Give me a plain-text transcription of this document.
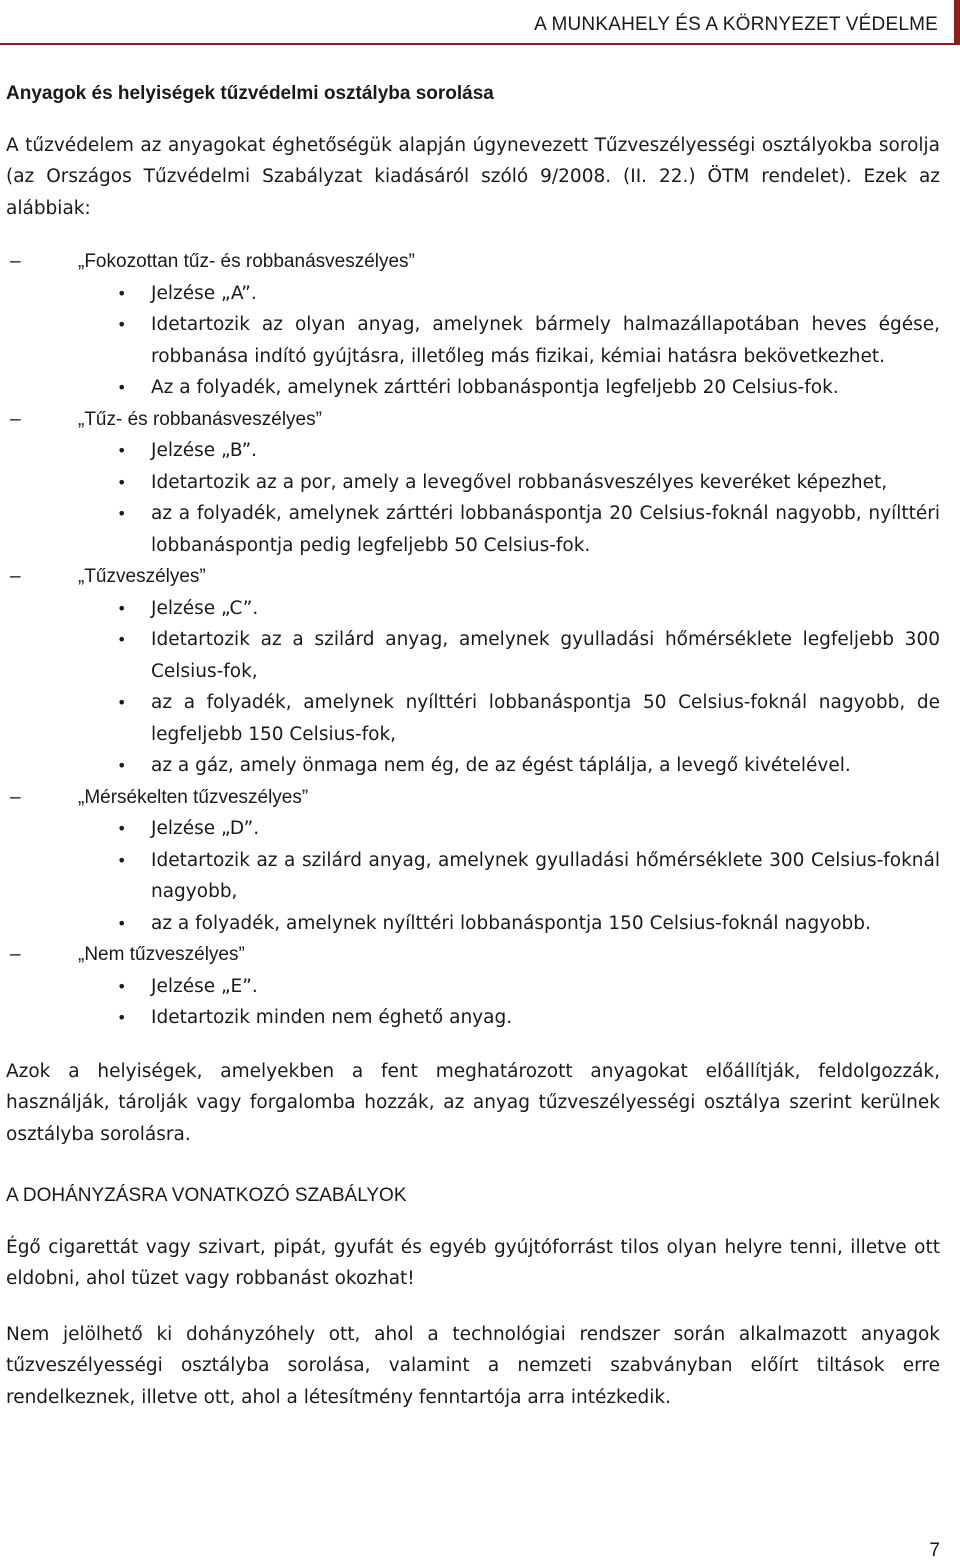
A MUNKAHELY ÉS A KÖRNYEZET VÉDELME
Anyagok és helyiségek tűzvédelmi osztályba sorolása

A tűzvédelem az anyagokat éghetőségük alapján úgynevezett Tűzveszélyességi osztályokba sorolja (az Országos Tűzvédelmi Szabályzat kiadásáról szóló 9/2008. (II. 22.) ÖTM rendelet). Ezek az alábbiak:

–	„Fokozottan tűz- és robbanásveszélyes”
• Jelzése „A”.
• Idetartozik az olyan anyag, amelynek bármely halmazállapotában heves égése, robbanása indító gyújtásra, illetőleg más fizikai, kémiai hatásra bekövetkezhet.
• Az a folyadék, amelynek zárttéri lobbanáspontja legfeljebb 20 Celsius-fok.
–	„Tűz- és robbanásveszélyes”
• Jelzése „B”.
• Idetartozik az a por, amely a levegővel robbanásveszélyes keveréket képezhet,
• az a folyadék, amelynek zárttéri lobbanáspontja 20 Celsius-foknál nagyobb, nyílttéri lobbanáspontja pedig legfeljebb 50 Celsius-fok.
–	„Tűzveszélyes”
• Jelzése „C”.
• Idetartozik az a szilárd anyag, amelynek gyulladási hőmérséklete legfeljebb 300 Celsius-fok,
• az a folyadék, amelynek nyílttéri lobbanáspontja 50 Celsius-foknál nagyobb, de legfeljebb 150 Celsius-fok,
• az a gáz, amely önmaga nem ég, de az égést táplálja, a levegő kivételével.
–	„Mérsékelten tűzveszélyes”
• Jelzése „D”.
• Idetartozik az a szilárd anyag, amelynek gyulladási hőmérséklete 300 Celsius-foknál nagyobb,
• az a folyadék, amelynek nyílttéri lobbanáspontja 150 Celsius-foknál nagyobb.
–	„Nem tűzveszélyes”
• Jelzése „E”.
• Idetartozik minden nem éghető anyag.

Azok a helyiségek, amelyekben a fent meghatározott anyagokat előállítják, feldolgozzák, használják, tárolják vagy forgalomba hozzák, az anyag tűzveszélyességi osztálya szerint kerülnek osztályba sorolásra.

A DOHÁNYZÁSRA VONATKOZÓ SZABÁLYOK

Égő cigarettát vagy szivart, pipát, gyufát és egyéb gyújtóforrást tilos olyan helyre tenni, illetve ott eldobni, ahol tüzet vagy robbanást okozhat!

Nem jelölhető ki dohányzóhely ott, ahol a technológiai rendszer során alkalmazott anyagok tűzveszélyességi osztályba sorolása, valamint a nemzeti szabványban előírt tiltások erre rendelkeznek, illetve ott, ahol a létesítmény fenntartója arra intézkedik.

7
